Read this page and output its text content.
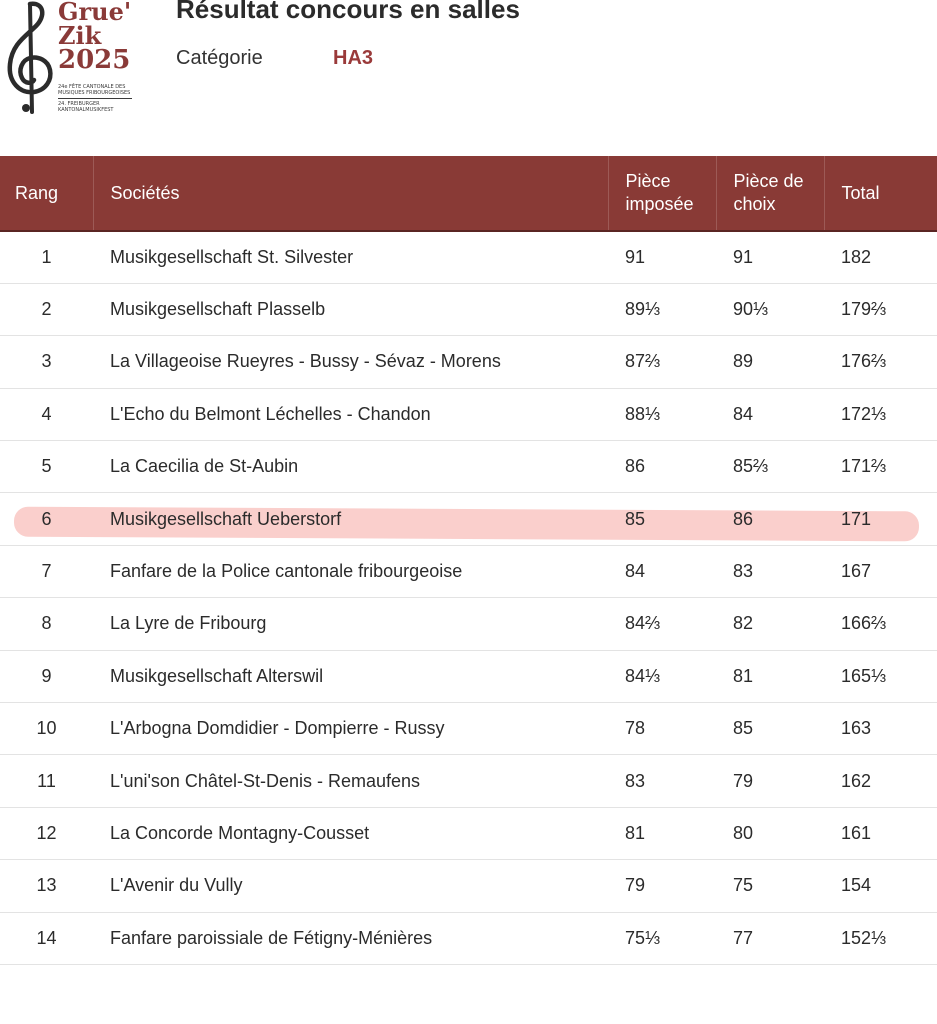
Grue'
Zik
2025
24e FÊTE CANTONALE DES MUSIQUES FRIBOURGEOISES
24. FREIBURGER KANTONALMUSIKFEST
Résultat concours en salles
Catégorie	HA3
Rang	Sociétés	Pièce imposée	Pièce de choix	Total
1	Musikgesellschaft St. Silvester	91	91	182
2	Musikgesellschaft Plasselb	89⅓	90⅓	179⅔
3	La Villageoise Rueyres - Bussy - Sévaz - Morens	87⅔	89	176⅔
4	L'Echo du Belmont Léchelles - Chandon	88⅓	84	172⅓
5	La Caecilia de St-Aubin	86	85⅔	171⅔
6	Musikgesellschaft Ueberstorf	85	86	171
7	Fanfare de la Police cantonale fribourgeoise	84	83	167
8	La Lyre de Fribourg	84⅔	82	166⅔
9	Musikgesellschaft Alterswil	84⅓	81	165⅓
10	L'Arbogna Domdidier - Dompierre - Russy	78	85	163
11	L'uni'son Châtel-St-Denis - Remaufens	83	79	162
12	La Concorde Montagny-Cousset	81	80	161
13	L'Avenir du Vully	79	75	154
14	Fanfare paroissiale de Fétigny-Ménières	75⅓	77	152⅓
